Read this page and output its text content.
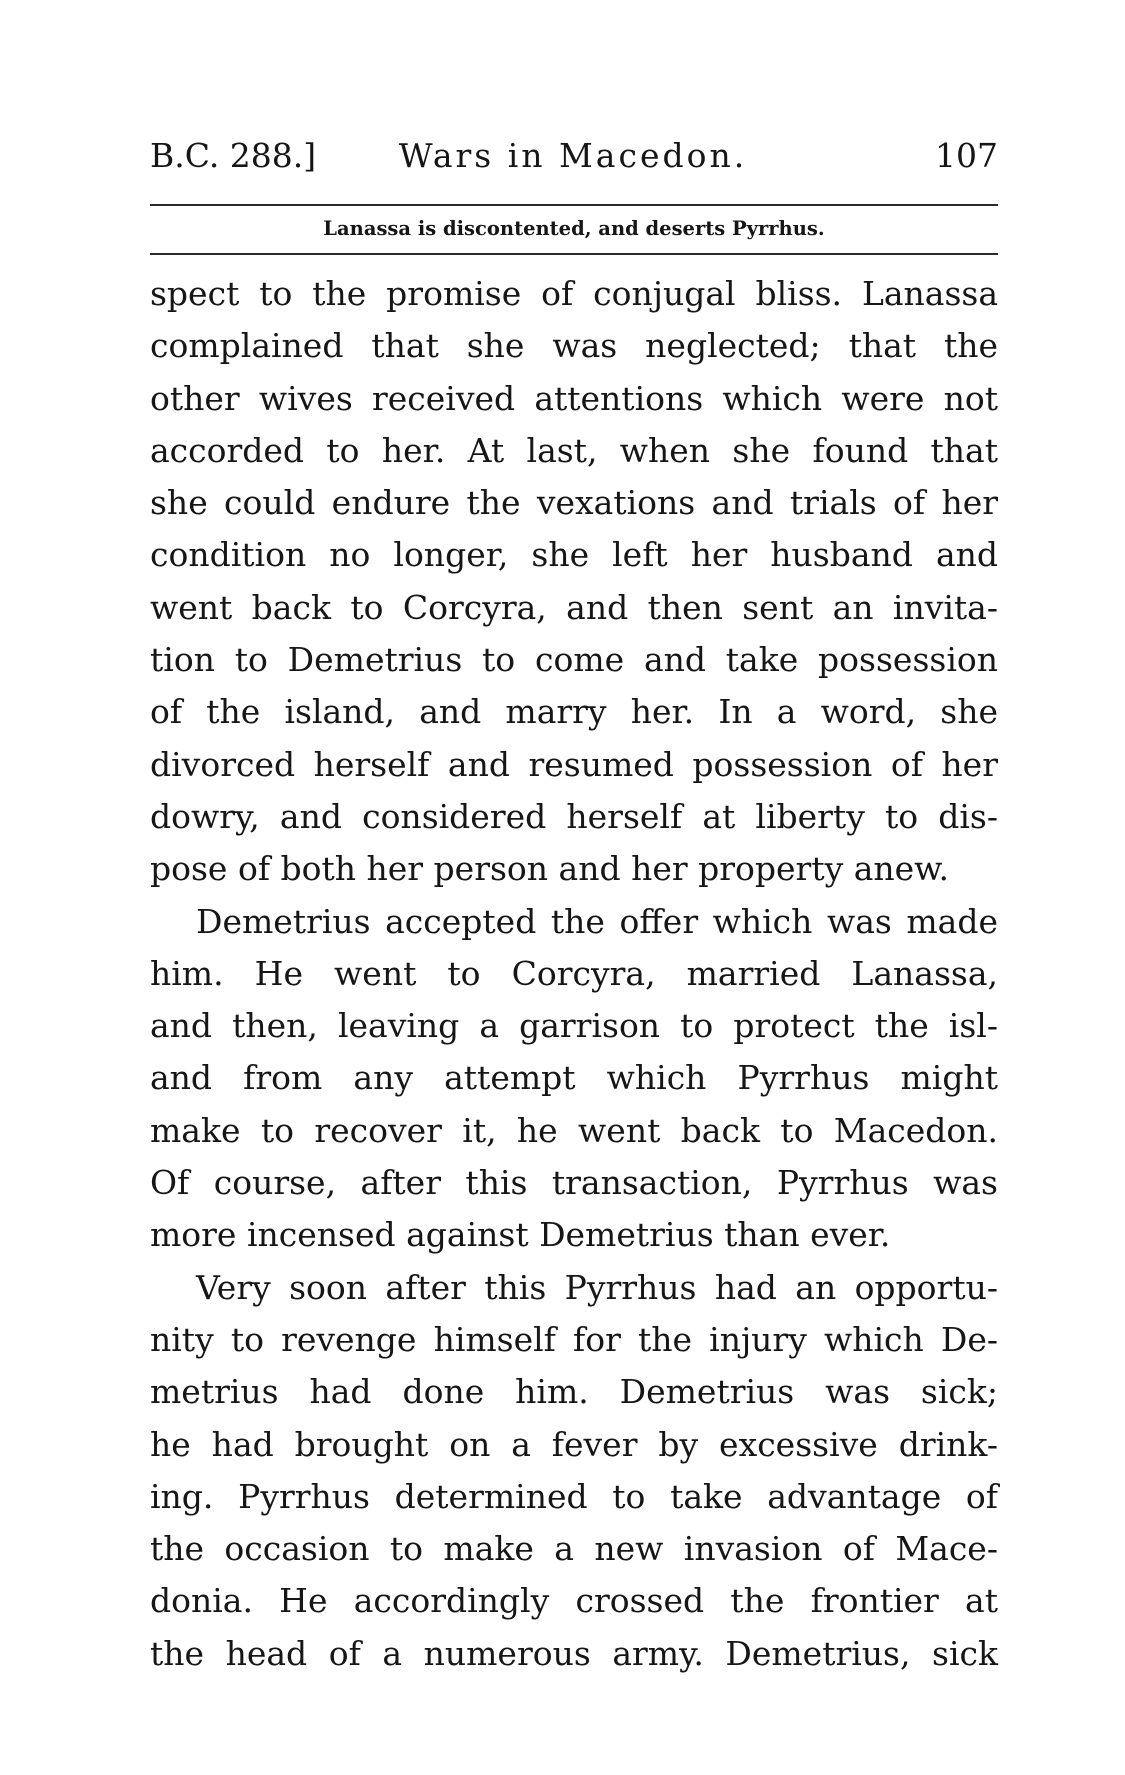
B.C. 288.]	Wars in Macedon.	107
Lanassa is discontented, and deserts Pyrrhus.

spect to the promise of conjugal bliss. Lanassa
complained that she was neglected; that the
other wives received attentions which were not
accorded to her. At last, when she found that
she could endure the vexations and trials of her
condition no longer, she left her husband and
went back to Corcyra, and then sent an invita-
tion to Demetrius to come and take possession
of the island, and marry her. In a word, she
divorced herself and resumed possession of her
dowry, and considered herself at liberty to dis-
pose of both her person and her property anew.

Demetrius accepted the offer which was made
him. He went to Corcyra, married Lanassa,
and then, leaving a garrison to protect the isl-
and from any attempt which Pyrrhus might
make to recover it, he went back to Macedon.
Of course, after this transaction, Pyrrhus was
more incensed against Demetrius than ever.

Very soon after this Pyrrhus had an opportu-
nity to revenge himself for the injury which De-
metrius had done him. Demetrius was sick;
he had brought on a fever by excessive drink-
ing. Pyrrhus determined to take advantage of
the occasion to make a new invasion of Mace-
donia. He accordingly crossed the frontier at
the head of a numerous army. Demetrius, sick
